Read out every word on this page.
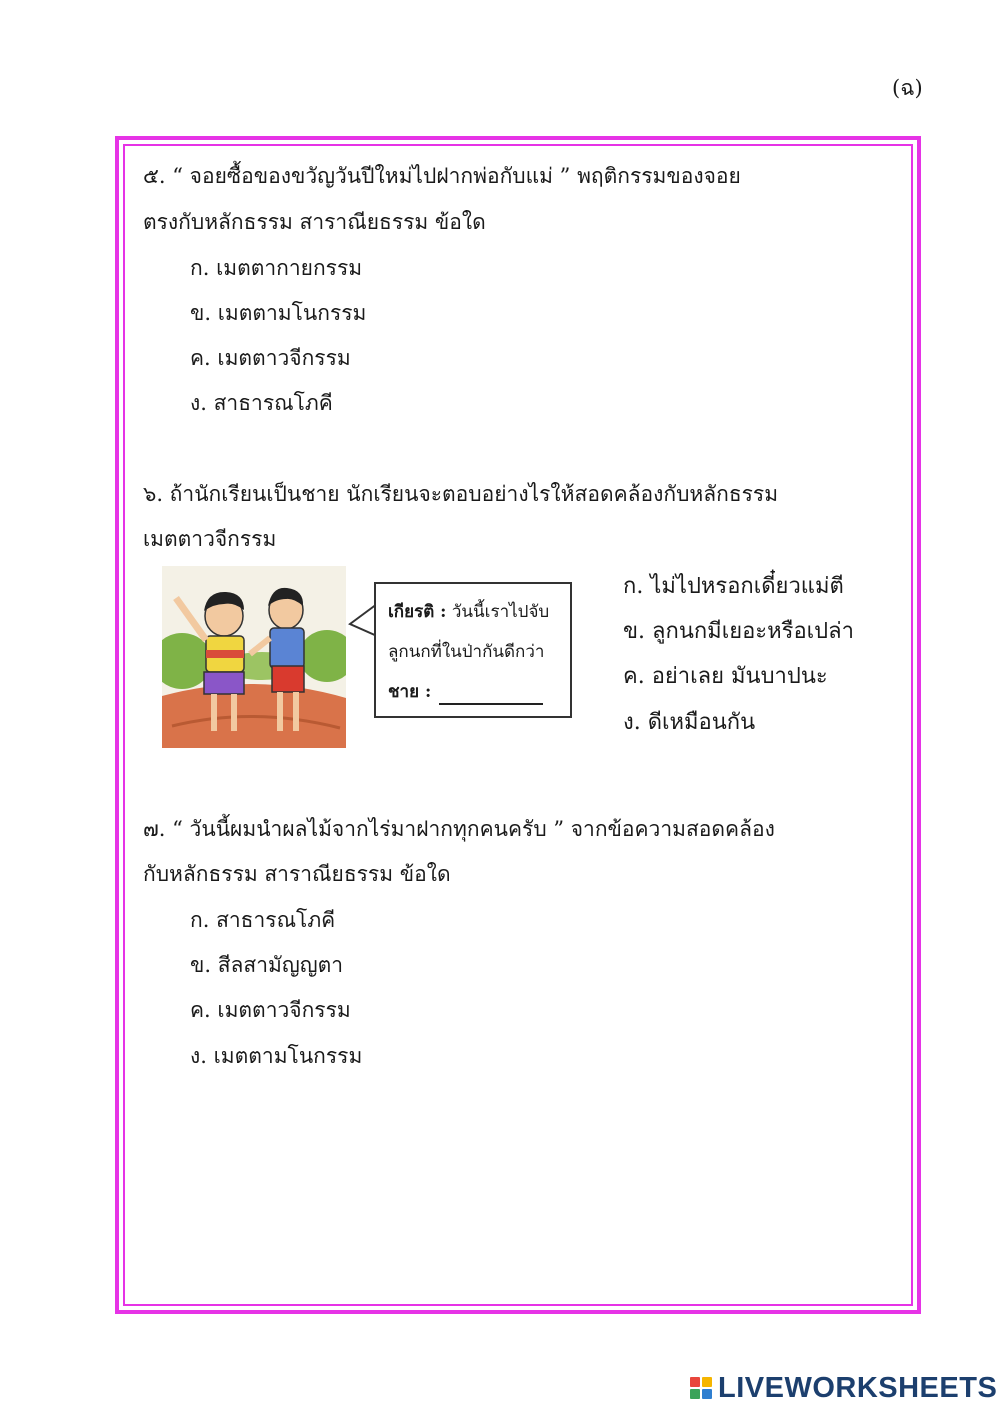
(ฉ)
๕. “ จอยซื้อของขวัญวันปีใหม่ไปฝากพ่อกับแม่ ” พฤติกรรมของจอย
ตรงกับหลักธรรม สาราณียธรรม ข้อใด
ก. เมตตากายกรรม
ข. เมตตามโนกรรม
ค. เมตตาวจีกรรม
ง. สาธารณโภคี
๖. ถ้านักเรียนเป็นชาย นักเรียนจะตอบอย่างไรให้สอดคล้องกับหลักธรรม
เมตตาวจีกรรม
เกียรติ : วันนี้เราไปจับ
ลูกนกที่ในป่ากันดีกว่า
ชาย :
ก. ไม่ไปหรอกเดี๋ยวแม่ตี
ข. ลูกนกมีเยอะหรือเปล่า
ค. อย่าเลย มันบาปนะ
ง. ดีเหมือนกัน
๗. “ วันนี้ผมนำผลไม้จากไร่มาฝากทุกคนครับ ” จากข้อความสอดคล้อง
กับหลักธรรม สาราณียธรรม ข้อใด
ก. สาธารณโภคี
ข. สีลสามัญญตา
ค. เมตตาวจีกรรม
ง. เมตตามโนกรรม
LIVEWORKSHEETS
